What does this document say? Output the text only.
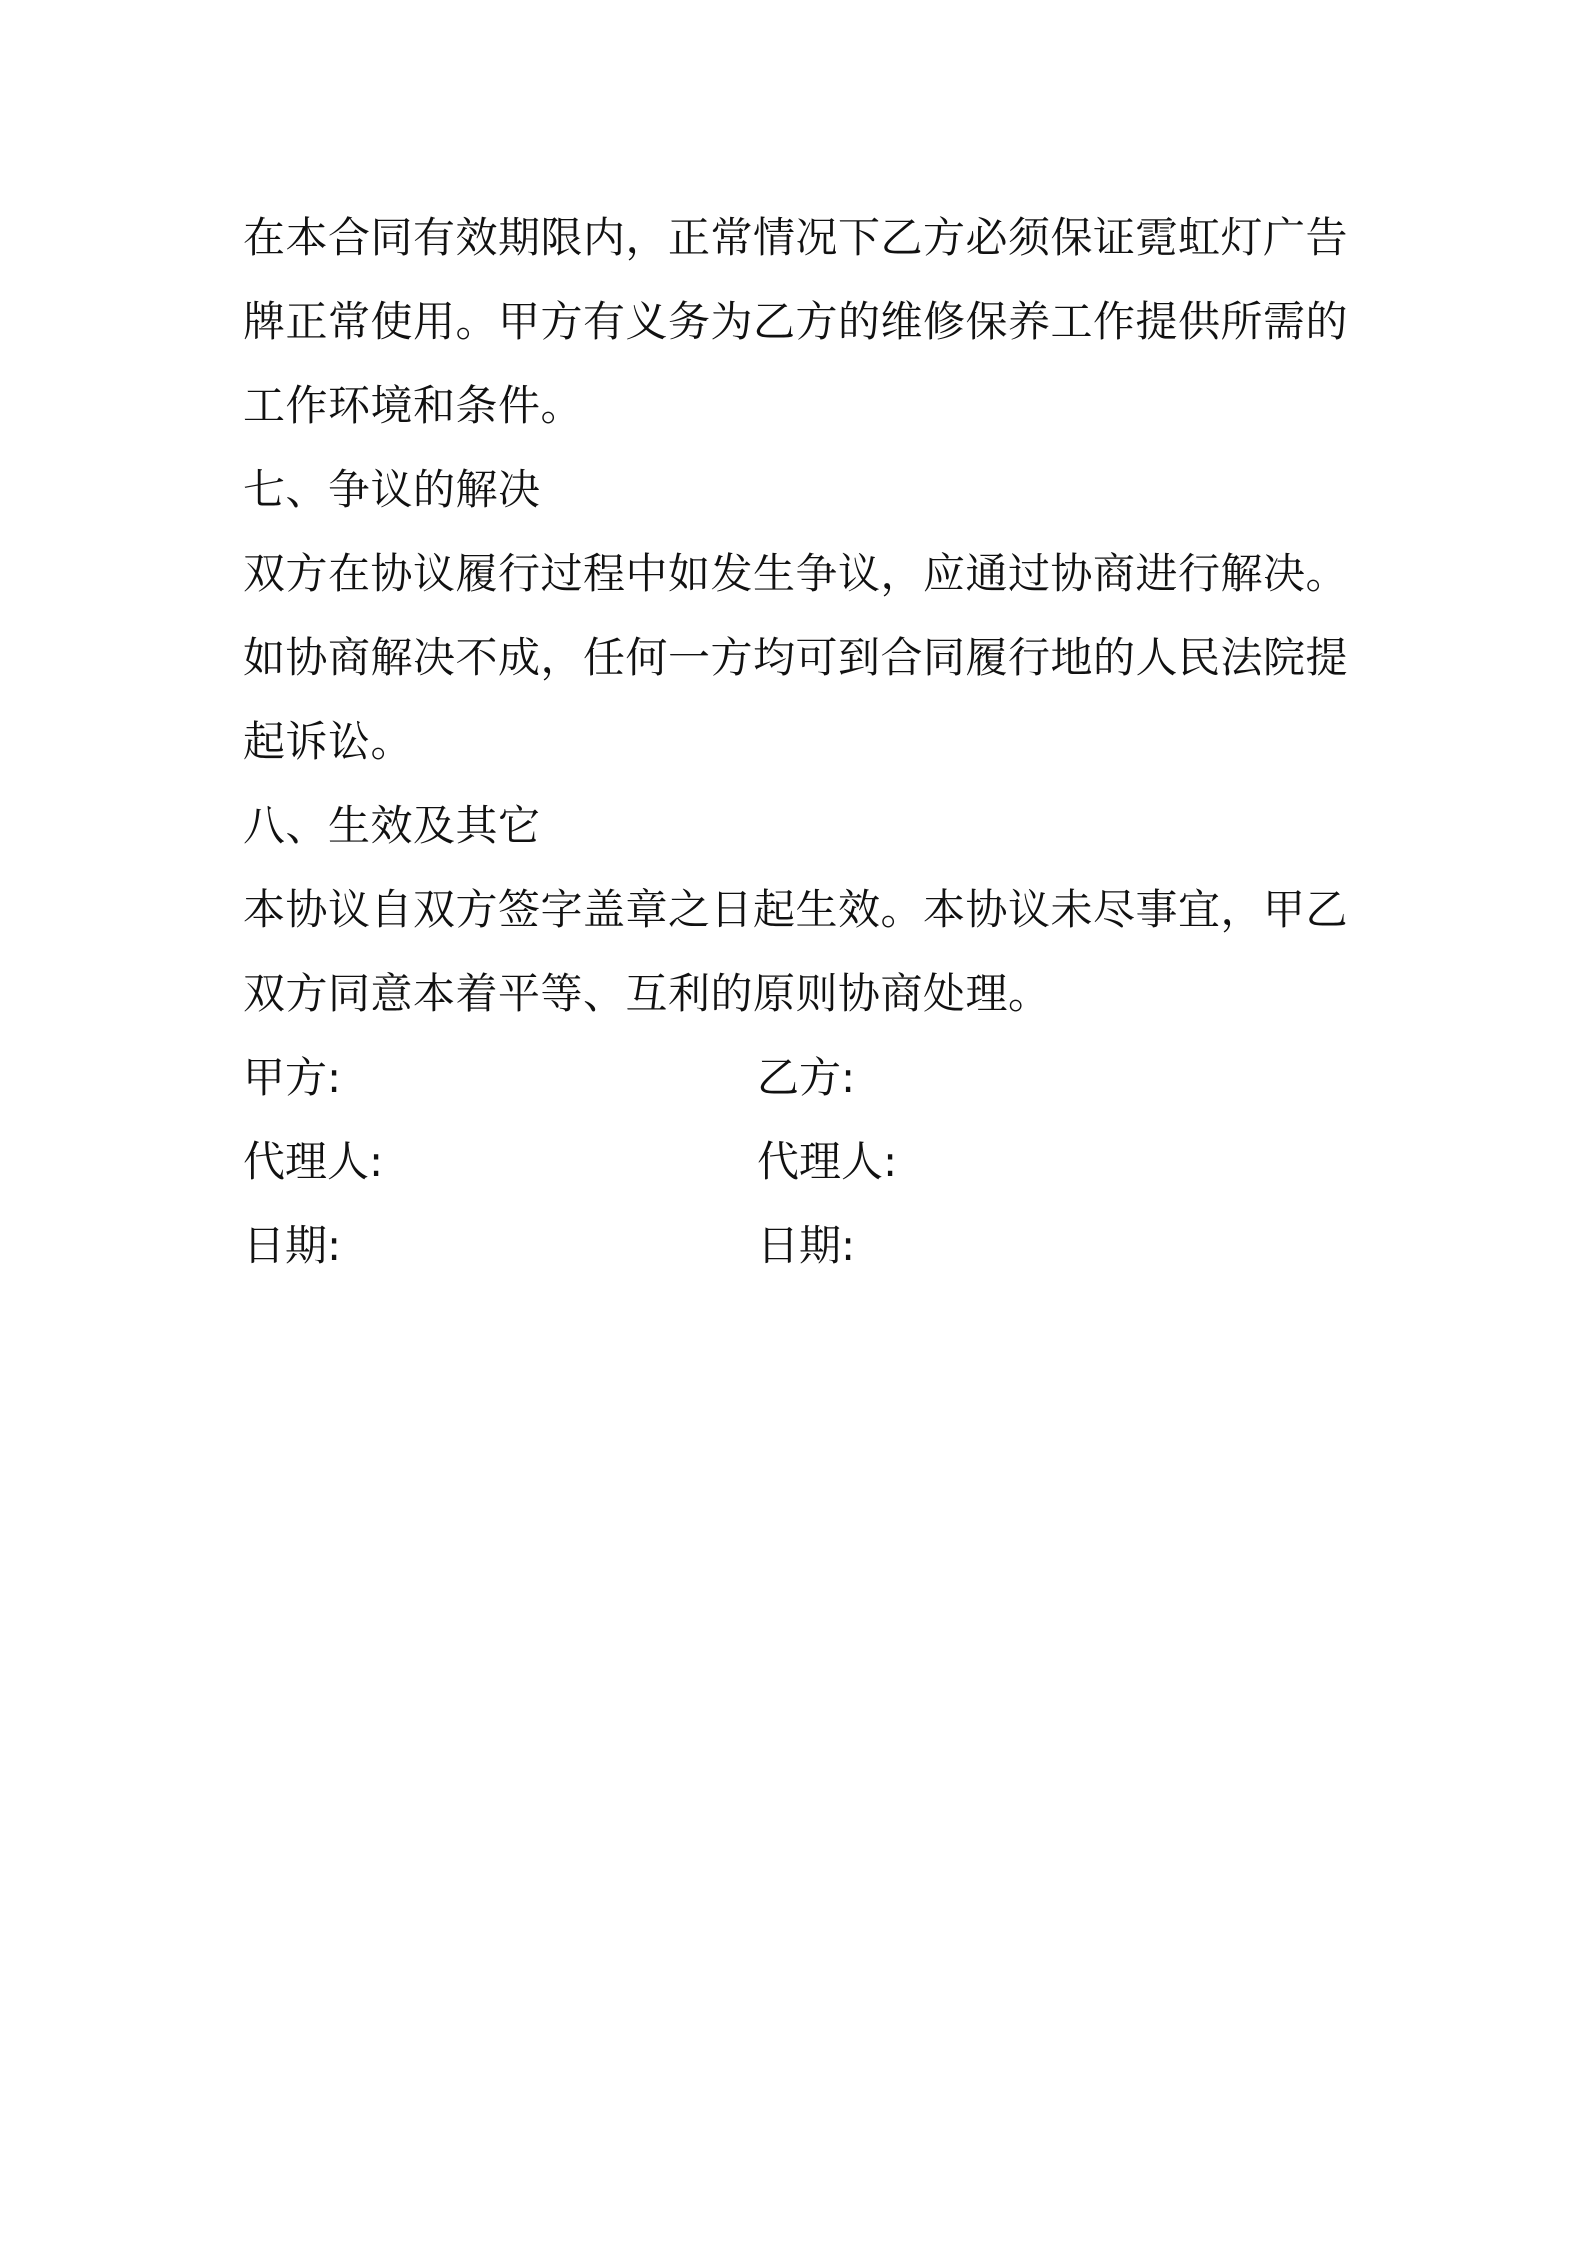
在本合同有效期限内，正常情况下乙方必须保证霓虹灯广告
牌正常使用。甲方有义务为乙方的维修保养工作提供所需的
工作环境和条件。
七、争议的解决
双方在协议履行过程中如发生争议，应通过协商进行解决。
如协商解决不成，任何一方均可到合同履行地的人民法院提
起诉讼。
八、生效及其它
本协议自双方签字盖章之日起生效。本协议未尽事宜，甲乙
双方同意本着平等、互利的原则协商处理。
甲方:	乙方:
代理人:	代理人:
日期:	日期:
